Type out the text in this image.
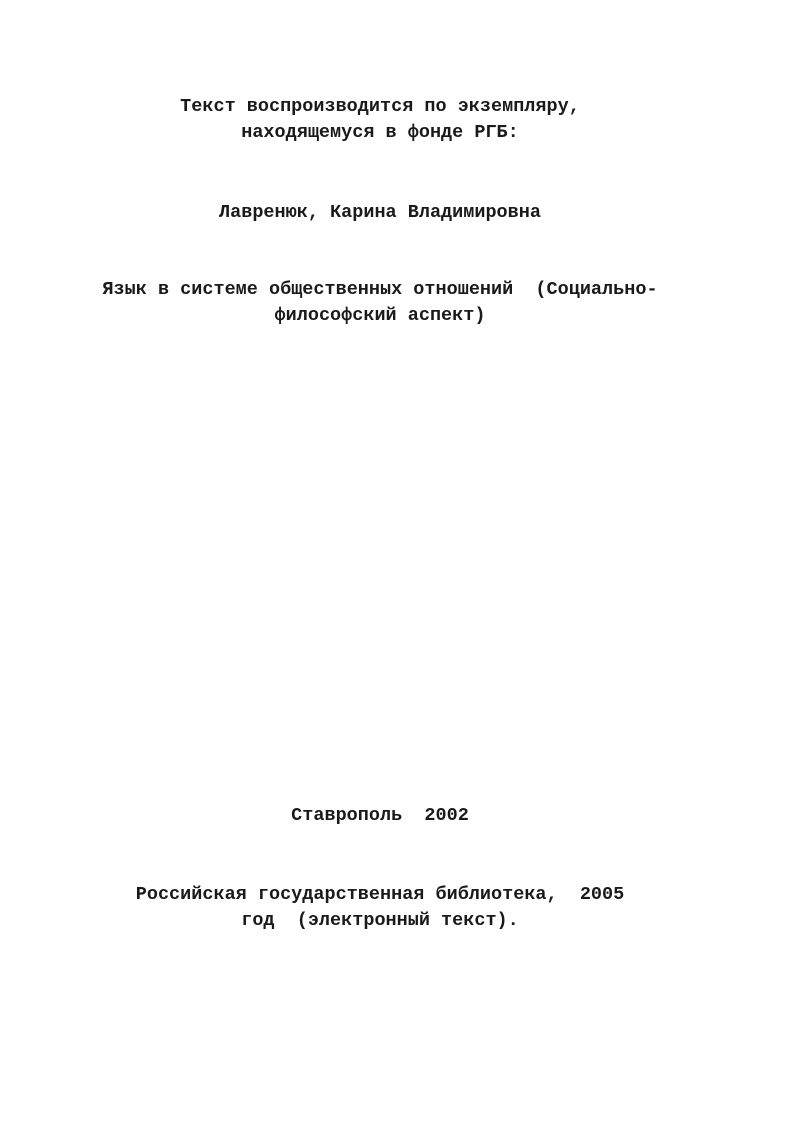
Текст воспроизводится по экземпляру,
находящемуся в фонде РГБ:
Лавренюк, Карина Владимировна
Язык в системе общественных отношений  (Социально-
философский аспект)
Ставрополь  2002
Российская государственная библиотека,  2005
год  (электронный текст).
